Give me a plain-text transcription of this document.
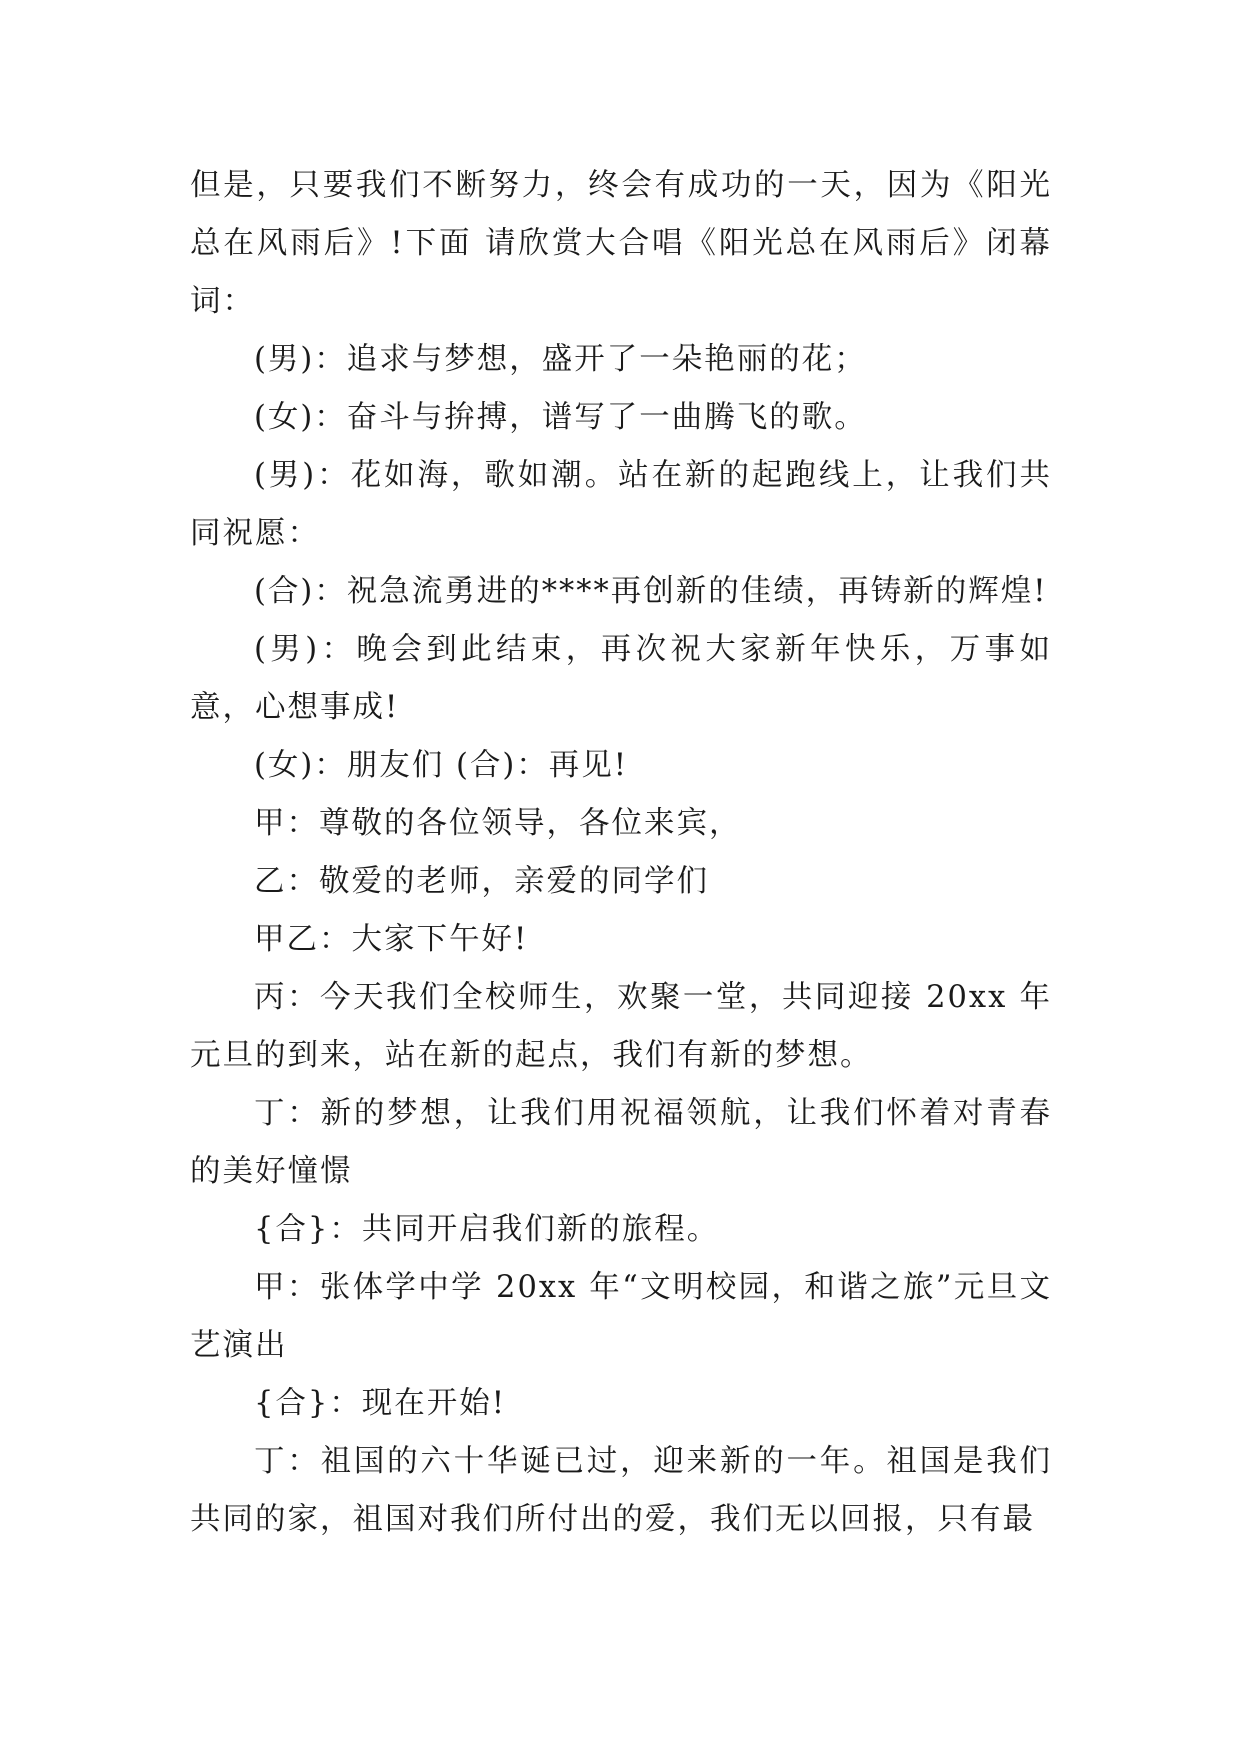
但是，只要我们不断努力，终会有成功的一天，因为《阳光总在风雨后》!下面 请欣赏大合唱《阳光总在风雨后》闭幕词：

(男)：追求与梦想，盛开了一朵艳丽的花；

(女)：奋斗与拚搏，谱写了一曲腾飞的歌。

(男)：花如海，歌如潮。站在新的起跑线上，让我们共同祝愿：

(合)：祝急流勇进的****再创新的佳绩，再铸新的辉煌!

(男)：晚会到此结束，再次祝大家新年快乐，万事如意，心想事成!

(女)：朋友们 (合)：再见!

甲：尊敬的各位领导，各位来宾，

乙：敬爱的老师，亲爱的同学们

甲乙：大家下午好!

丙：今天我们全校师生，欢聚一堂，共同迎接 20xx 年元旦的到来，站在新的起点，我们有新的梦想。

丁：新的梦想，让我们用祝福领航，让我们怀着对青春的美好憧憬

{合}：共同开启我们新的旅程。

甲：张体学中学 20xx 年“文明校园，和谐之旅”元旦文艺演出

{合}：现在开始!

丁：祖国的六十华诞已过，迎来新的一年。祖国是我们共同的家，祖国对我们所付出的爱，我们无以回报，只有最
